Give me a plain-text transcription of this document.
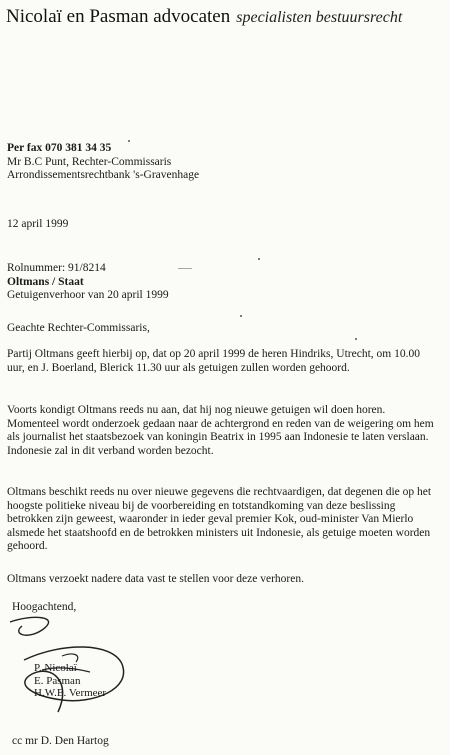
Nicolaï en Pasman advocaten specialisten bestuursrecht
Per fax 070 381 34 35
Mr B.C Punt, Rechter-Commissaris
Arrondissementsrechtbank 's-Gravenhage
12 april 1999
Rolnummer: 91/8214
Oltmans / Staat
Getuigenverhoor van 20 april 1999
Geachte Rechter-Commissaris,

Partij Oltmans geeft hierbij op, dat op 20 april 1999 de heren Hindriks, Utrecht, om 10.00 uur, en J. Boerland, Blerick 11.30 uur als getuigen zullen worden gehoord.

Voorts kondigt Oltmans reeds nu aan, dat hij nog nieuwe getuigen wil doen horen.

Momenteel wordt onderzoek gedaan naar de achtergrond en reden van de weigering om hem als journalist het staatsbezoek van koningin Beatrix in 1995 aan Indonesie te laten verslaan.

Indonesie zal in dit verband worden bezocht.

Oltmans beschikt reeds nu over nieuwe gegevens die rechtvaardigen, dat degenen die op het hoogste politieke niveau bij de voorbereiding en totstandkoming van deze beslissing betrokken zijn geweest, waaronder in ieder geval premier Kok, oud-minister Van Mierlo alsmede het staatshoofd en de betrokken ministers uit Indonesie, als getuige moeten worden gehoord.

Oltmans verzoekt nadere data vast te stellen voor deze verhoren.

Hoogachtend,
P. Nicolaï
E. Pasman
H.W.E. Vermeer
cc mr D. Den Hartog
